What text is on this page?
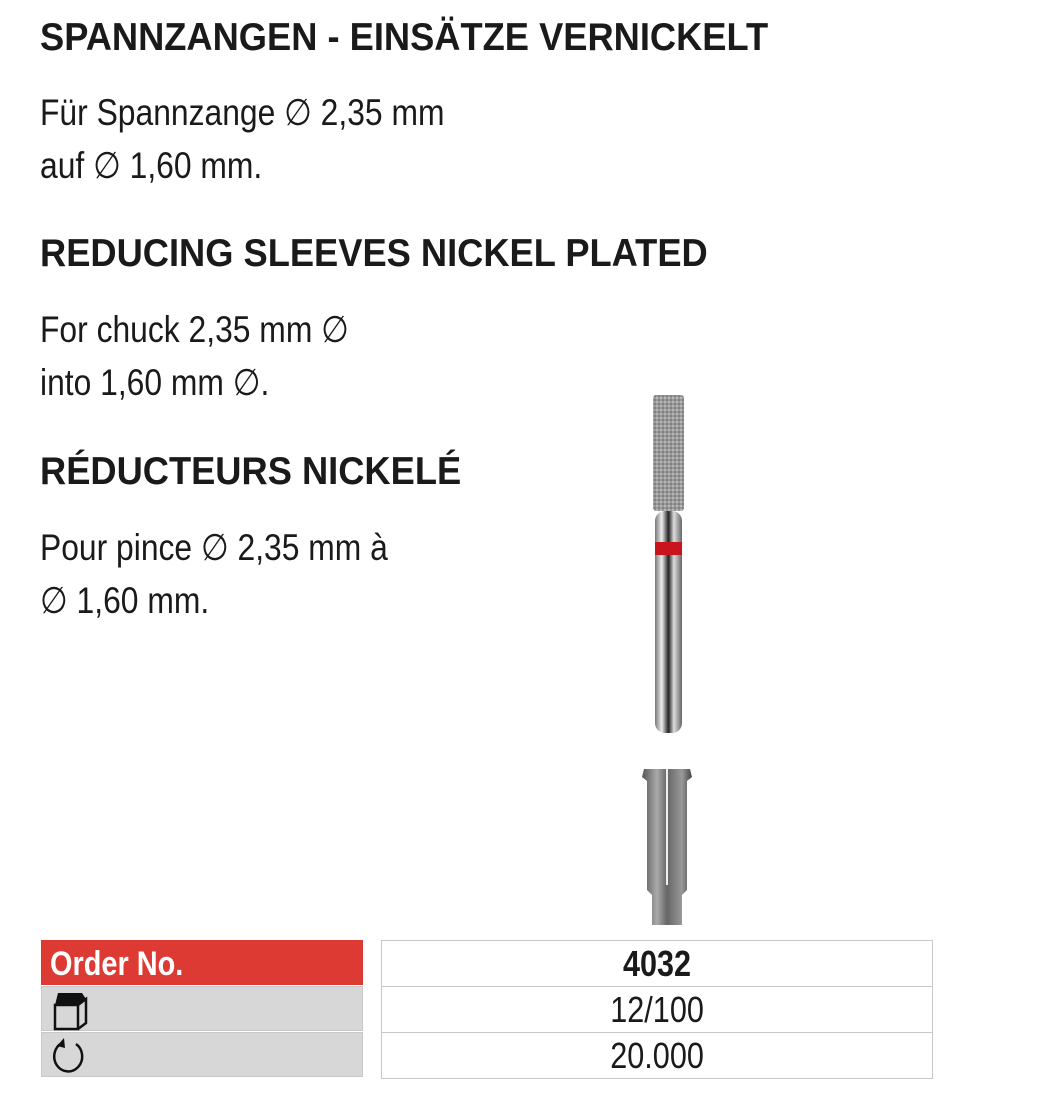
SPANNZANGEN - EINSÄTZE VERNICKELT
Für Spannzange ∅ 2,35 mm
auf ∅ 1,60 mm.
REDUCING SLEEVES NICKEL PLATED
For chuck 2,35 mm ∅
into 1,60 mm ∅.
RÉDUCTEURS NICKELÉ
Pour pince ∅ 2,35 mm à
∅ 1,60 mm.
Order No.	4032
12/100
20.000
